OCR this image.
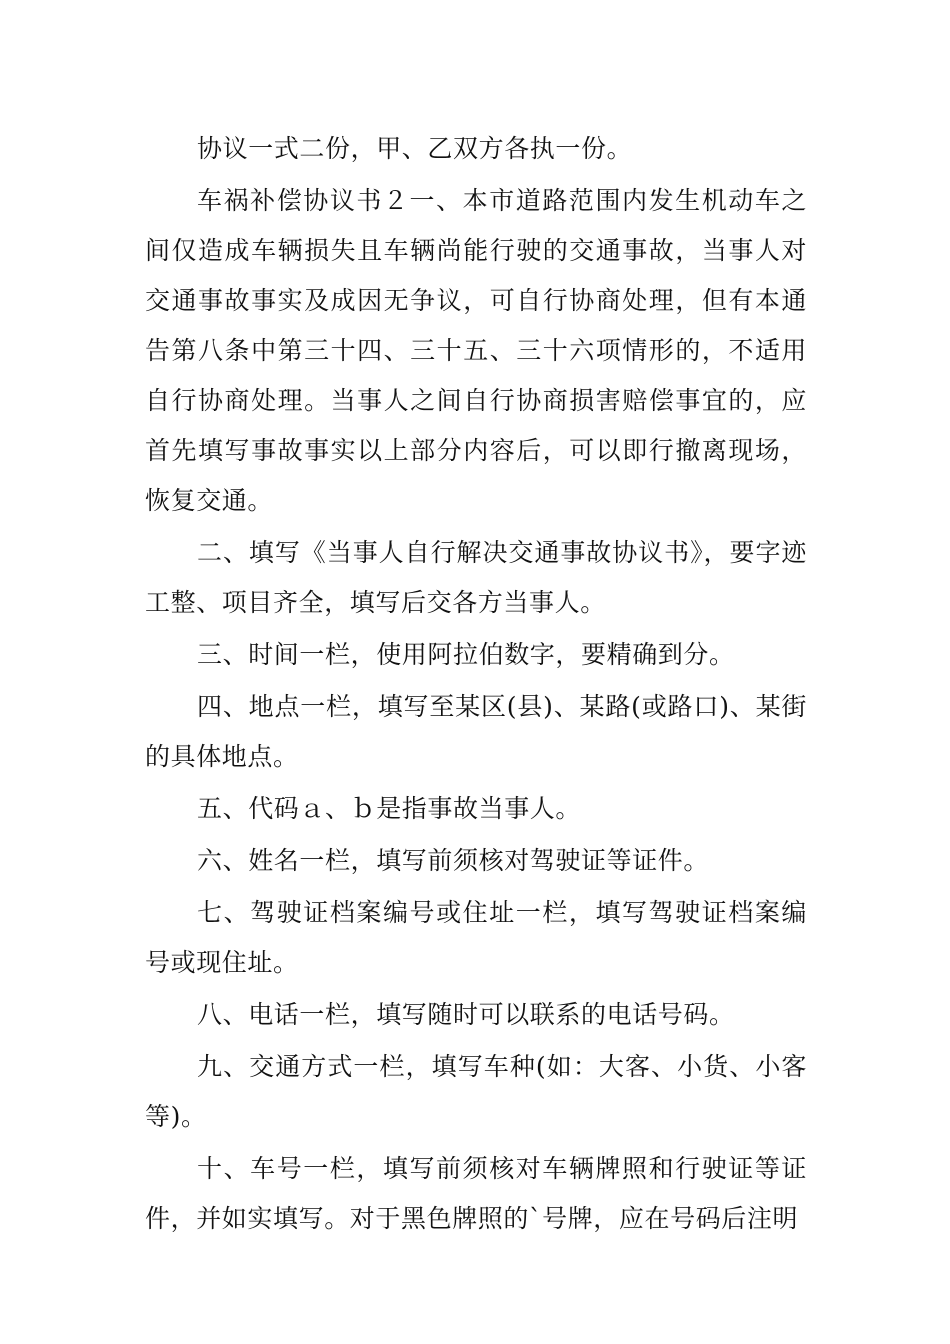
协议一式二份，甲、乙双方各执一份。

车祸补偿协议书２一、本市道路范围内发生机动车之间仅造成车辆损失且车辆尚能行驶的交通事故，当事人对交通事故事实及成因无争议，可自行协商处理，但有本通告第八条中第三十四、三十五、三十六项情形的，不适用自行协商处理。当事人之间自行协商损害赔偿事宜的，应首先填写事故事实以上部分内容后，可以即行撤离现场，恢复交通。

二、填写《当事人自行解决交通事故协议书》，要字迹工整、项目齐全，填写后交各方当事人。

三、时间一栏，使用阿拉伯数字，要精确到分。

四、地点一栏，填写至某区(县)、某路(或路口)、某街的具体地点。

五、代码ａ、ｂ是指事故当事人。

六、姓名一栏，填写前须核对驾驶证等证件。

七、驾驶证档案编号或住址一栏，填写驾驶证档案编号或现住址。

八、电话一栏，填写随时可以联系的电话号码。

九、交通方式一栏，填写车种(如：大客、小货、小客等)。

十、车号一栏，填写前须核对车辆牌照和行驶证等证件，并如实填写。对于黑色牌照的`号牌，应在号码后注明
